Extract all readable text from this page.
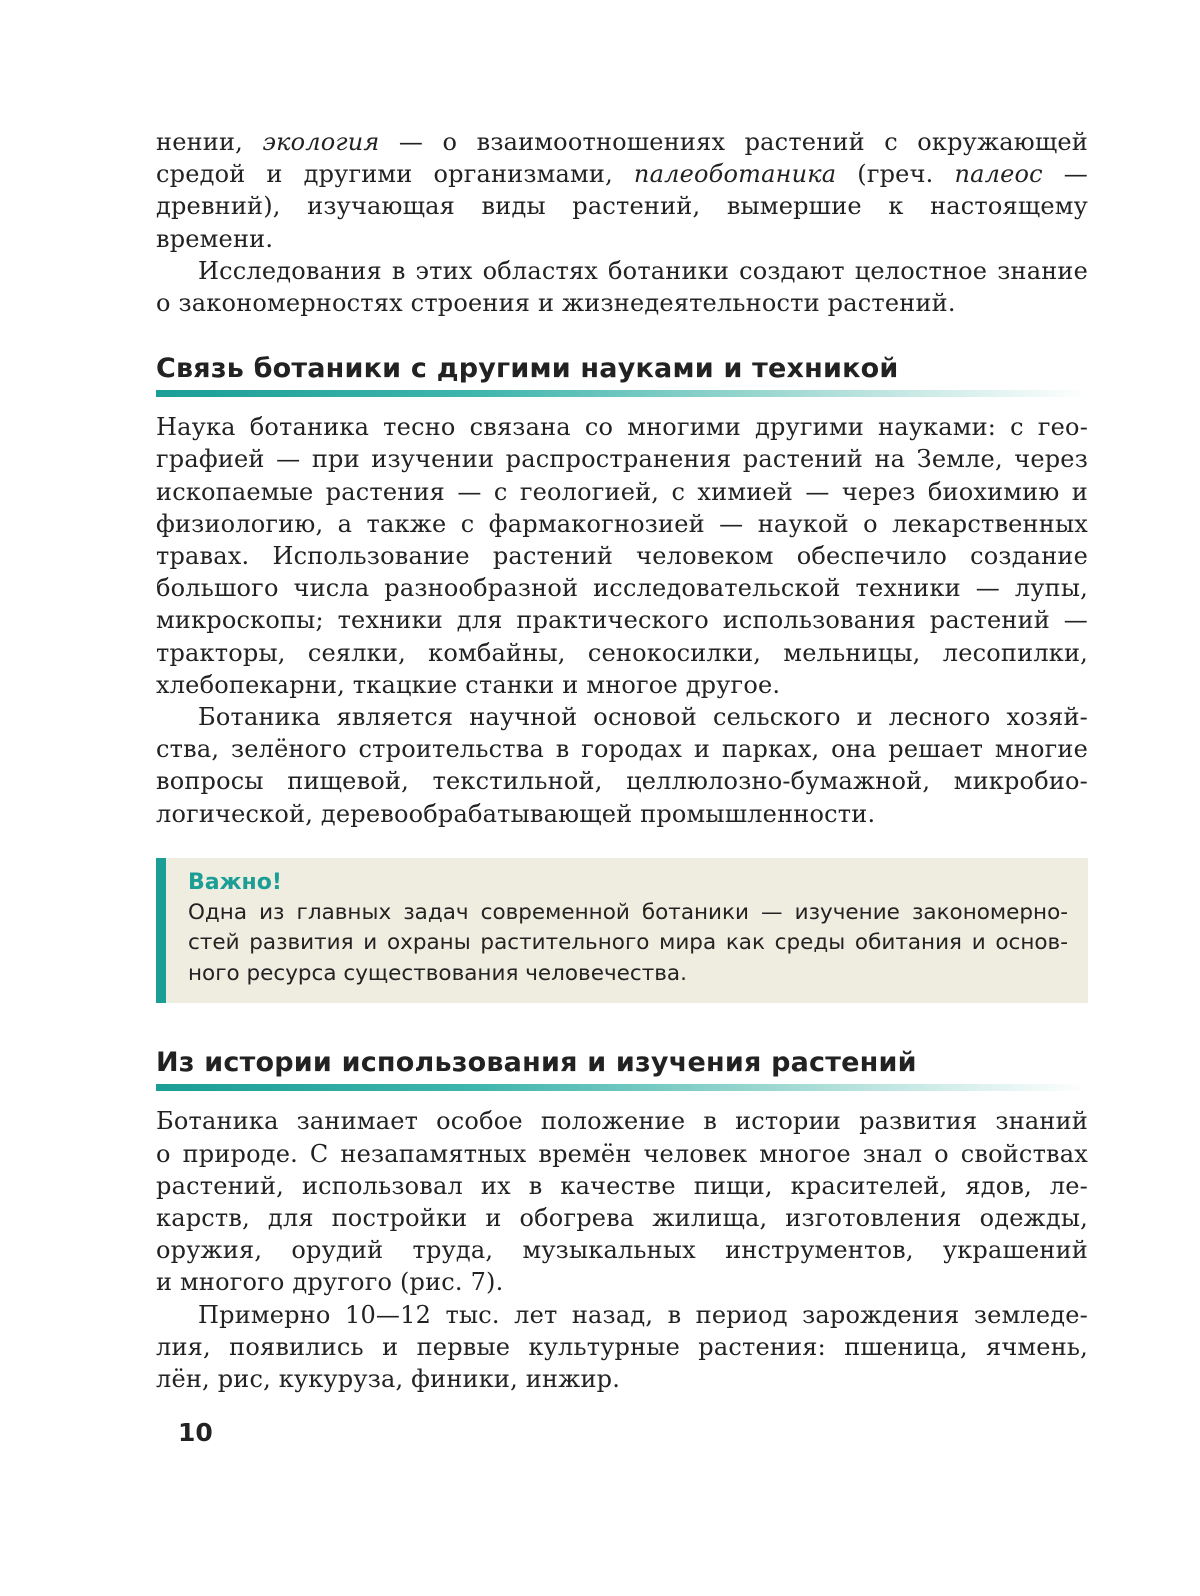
нении, экология — о взаимоотношениях растений с окружающей
средой и другими организмами, палеоботаника (греч. палеос —
древний), изучающая виды растений, вымершие к настоящему
времени.

Исследования в этих областях ботаники создают целостное знание
о закономерностях строения и жизнедеятельности растений.

Связь ботаники с другими науками и техникой

Наука ботаника тесно связана со многими другими науками: с гео-
графией — при изучении распространения растений на Земле, через
ископаемые растения — с геологией, с химией — через биохимию и
физиологию, а также с фармакогнозией — наукой о лекарственных
травах. Использование растений человеком обеспечило создание
большого числа разнообразной исследовательской техники — лупы,
микроскопы; техники для практического использования растений —
тракторы, сеялки, комбайны, сенокосилки, мельницы, лесопилки,
хлебопекарни, ткацкие станки и многое другое.

Ботаника является научной основой сельского и лесного хозяй-
ства, зелёного строительства в городах и парках, она решает многие
вопросы пищевой, текстильной, целлюлозно-бумажной, микробио-
логической, деревообрабатывающей промышленности.

Важно!
Одна из главных задач современной ботаники — изучение закономерно-
стей развития и охраны растительного мира как среды обитания и основ-
ного ресурса существования человечества.
Из истории использования и изучения растений

Ботаника занимает особое положение в истории развития знаний
о природе. С незапамятных времён человек многое знал о свойствах
растений, использовал их в качестве пищи, красителей, ядов, ле-
карств, для постройки и обогрева жилища, изготовления одежды,
оружия, орудий труда, музыкальных инструментов, украшений
и многого другого (рис. 7).

Примерно 10—12 тыс. лет назад, в период зарождения земледе-
лия, появились и первые культурные растения: пшеница, ячмень,
лён, рис, кукуруза, финики, инжир.

10
